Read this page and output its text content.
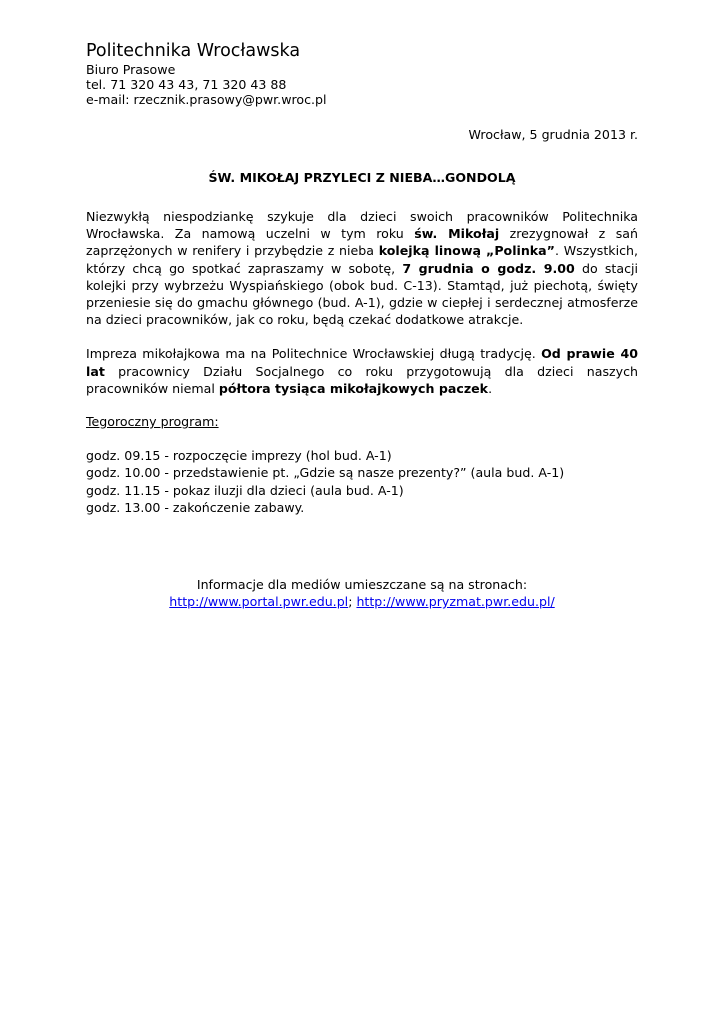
Politechnika Wrocławska

Biuro Prasowe

tel. 71 320 43 43, 71 320 43 88

e-mail: rzecznik.prasowy@pwr.wroc.pl

Wrocław, 5 grudnia 2013 r.
ŚW. MIKOŁAJ PRZYLECI Z NIEBA…GONDOLĄ

Niezwykłą niespodziankę szykuje dla dzieci swoich pracowników Politechnika Wrocławska. Za namową uczelni w tym roku św. Mikołaj zrezygnował z sań zaprzężonych w renifery i przybędzie z nieba kolejką linową „Polinka”. Wszystkich, którzy chcą go spotkać zapraszamy w sobotę, 7 grudnia o godz. 9.00 do stacji kolejki przy wybrzeżu Wyspiańskiego (obok bud. C-13). Stamtąd, już piechotą, święty przeniesie się do gmachu głównego (bud. A-1), gdzie w ciepłej i serdecznej atmosferze na dzieci pracowników, jak co roku, będą czekać dodatkowe atrakcje.

Impreza mikołajkowa ma na Politechnice Wrocławskiej długą tradycję. Od prawie 40 lat pracownicy Działu Socjalnego co roku przygotowują dla dzieci naszych pracowników niemal półtora tysiąca mikołajkowych paczek.

Tegoroczny program:
godz. 09.15 - rozpoczęcie imprezy (hol bud. A-1)
godz. 10.00 - przedstawienie pt. „Gdzie są nasze prezenty?” (aula bud. A-1)
godz. 11.15 - pokaz iluzji dla dzieci (aula bud. A-1)
godz. 13.00 - zakończenie zabawy.
Informacje dla mediów umieszczane są na stronach:
http://www.portal.pwr.edu.pl; http://www.pryzmat.pwr.edu.pl/
